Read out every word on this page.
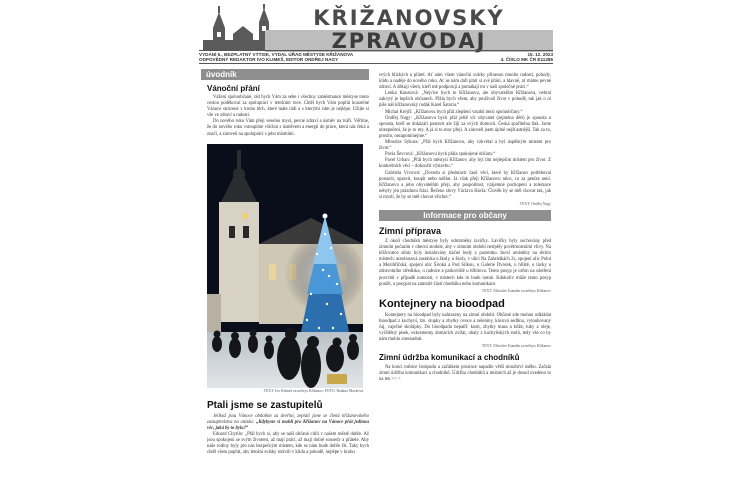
KŘIŽANOVSKÝ
ZPRAVODAJ
VYDÁNÍ 6., BEZPLATNÝ VÝTISK, VYDAL ÚŘAD MĚSTYSE KŘIŽANOVA	15. 12. 2023
ODPOVĚDNÝ REDAKTOR IVO KLIMEŠ, EDITOR ONDŘEJ NAGY	4. ČÍSLO MK ČR E11286
úvodník
Vánoční přání

Vážení spoluobčané, rád bych Vám za sebe i všechny zaměstnance městyse touto cestou poděkoval za spolupráci v letošním roce. Chtěl bych Vám popřát kouzelné Vánoce strávené v kruhu těch, které máte rádi a s kterými vám je nejlépe. Užijte si vše ve zdraví a radosti.

Do nového roku Vám přeji veselou mysl, pevné zdraví a úsměv na tváři. Věříme, že do nového roku vstoupíme všichni s úsměvem a energií do práce, která nás čeká a značí, a zároveň na spolupráci s jeho místními.

TEXT: Ivo Klimeš za městys Křižanov, FOTO: Radana Macková
Ptali jsme se zastupitelů

Jelikož jsou Vánoce obdobím za dveřmi, zeptali jsme se členů křižanovského zastupitelstva na otázku: „Kdybyste si mohli pro Křižanov na Vánoce přát jedinou věc, jaká by to byla?“

Eduard Chytilo: „Přál bych si, aby se naší občané cítili v našem městě dobře. Až jsou spokojení se svým životem, až mají práci, až mají dobré sousedy a přátele. Aby naše rodiny byly pro nás bezpečným místem, kde se nám bude dobře žít. Taky bych chtěl všem popřát, aby letošní svátky strávili v klidu a pohodě, nejlépe v kruhu

svých blízkých a přátel. Ať nám všem vánoční svátky přinesou mnoho radosti, pohody, klidu a naděje do nového roku. Ať se nám daří plnit si své přání, a hlavně, ať máme pevné zdraví. A děkuji všem, kteří mě podporují a pomáhají mi v naší společné práci.“

Lenka Kunstová: „Nejvíce bych to Křižanovu, ale obyvatelům Křižanova, nebral zakrytý je lepších občanech. Přála bych všem, aby prožívali život v pohodě, tak jak o ní píše náš křižanovský rodák Karel Šatoria.“

Michal Krejčí: „Křižanovu bych přál zlepšení vztahů mezi spoluobčany.“

Ondřej Nagy: „Křižanovu bych přál ještě víc obyvatel (zejména dětí) je spousta a spousta, kteří se dokázali postavit ale žijí za svých domovů. Česká spořitelna tlak. Jsme ubezpečeni, že je to my. A já si to moc přeji. A zároveň jsem úplně nejšťastnější. Tak za to, prosím, nezapomínejme.“

Miroslav Sýkora: „Přál bych Křižanovu, aby vzkvétal a byl úspěšným místem pro život.“

Pavla Ševcová: „Křižanovu bych přála spokojené občany.“

Pavel Urban: „Přál bych městysi Křižanov, aby byl tím nejlepším místem pro život. Z konkrétních věcí – dokončit výstavbu.“

Gabriela Vívrová: „Dovedu si představit časů věcí, které by Křižanov potřeboval postavit, opravit, koupit nebo udělat. Já však přeji Křižanovu něco, co za peníze není. Křižanovu a jeho obyvatelům přeji, aby pospolitost, vzájemné pochopení a tolerance nebyly jen prázdnou frází. Řečeno slovy Václava Havla: Člověk by se měl chovat tak, jak si myslí, že by se měl chovat všichni.“

TEXT: Ondřej Nagy
Informace pro občany
Zimní příprava

Z okolí chodníků městyse byly odstraněny lavičky. Lavičky byly uschovány před zimním počasím v obecní stodole, aby v zimním období netrpěly povětrnostními vlivy. Na křižovatce silnic byly instalovány tlačné body z pozemku. Inoví umístěny na těchto místech: autobusová zastávka u školy, u školy, v ulici Na Zahrádkách 2x, spojení ulic Polní a Mezihříčská, spojení ulic Široká a Pod Sílkou, u Galerie Dvorek, u hřiště, u lávky u zdravotního střediska, u radnice a parkoviště u hřbitova. Tento posyp je určen na ošetření povrchů v případě nutnosti, v místech kde to bude nutné. Kdokoliv může tento posyp použít, a posypat na zamrzlé části chodníku nebo komunikace.

TEXT: Miroslav Kamiňa za městys Křižanov
Kontejnery na bioodpad

Kontejnery na bioodpad byly nahrazeny na zimní období. Občané zde mohou odkládat bioodpad z kuchyní, tzn. slupky a zbytky ovoce a zeleniny, kávová sedlina, vylouhovaný čaj, vaječné skořápky. Do bioodpadu nepatří: kosti, zbytky masa a kůže, tuky a oleje, vyčištěný pisek, exkrementy domácích zvířat, obaly z kuchyňských stolů, tedy vše co by nám mohlo znesnadnit.

TEXT: Miroslav Kamiňa za městys Křižanov
Zimní údržba komunikací a chodníků

Na konci měsíce listopadu a začátkem prosince napadlo větší množství sněhu. Začala zimní údržba komunikací a chodníků. Údržba chodníků a místních až je dosud uvedeno to na ten >> >
